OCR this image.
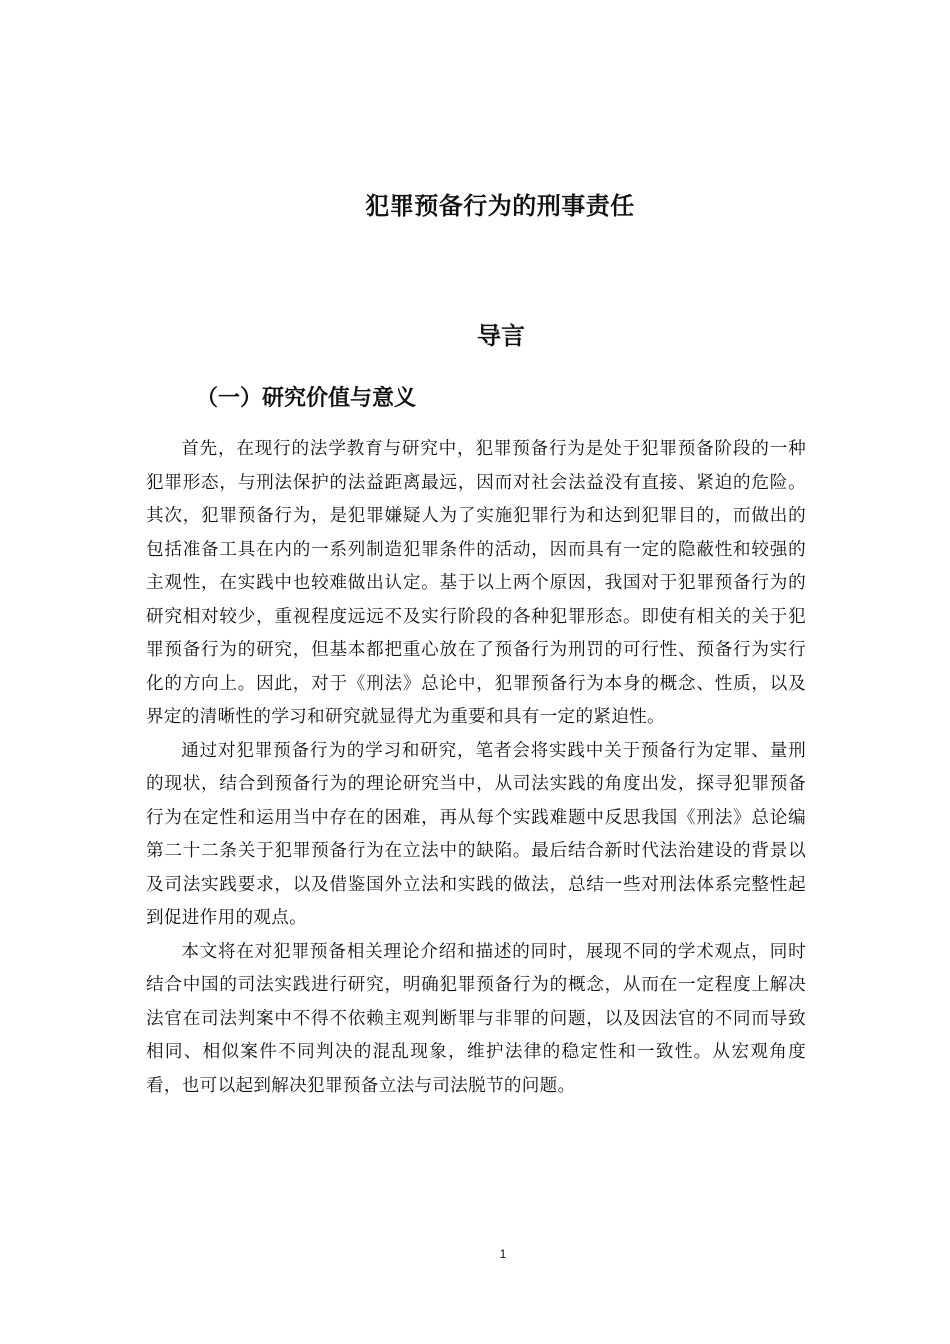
犯罪预备行为的刑事责任
导言
（一）研究价值与意义

首先，在现行的法学教育与研究中，犯罪预备行为是处于犯罪预备阶段的一种犯罪形态，与刑法保护的法益距离最远，因而对社会法益没有直接、紧迫的危险。其次，犯罪预备行为，是犯罪嫌疑人为了实施犯罪行为和达到犯罪目的，而做出的包括准备工具在内的一系列制造犯罪条件的活动，因而具有一定的隐蔽性和较强的主观性，在实践中也较难做出认定。基于以上两个原因，我国对于犯罪预备行为的研究相对较少，重视程度远远不及实行阶段的各种犯罪形态。即使有相关的关于犯罪预备行为的研究，但基本都把重心放在了预备行为刑罚的可行性、预备行为实行化的方向上。因此，对于《刑法》总论中，犯罪预备行为本身的概念、性质，以及界定的清晰性的学习和研究就显得尤为重要和具有一定的紧迫性。

通过对犯罪预备行为的学习和研究，笔者会将实践中关于预备行为定罪、量刑的现状，结合到预备行为的理论研究当中，从司法实践的角度出发，探寻犯罪预备行为在定性和运用当中存在的困难，再从每个实践难题中反思我国《刑法》总论编第二十二条关于犯罪预备行为在立法中的缺陷。最后结合新时代法治建设的背景以及司法实践要求，以及借鉴国外立法和实践的做法，总结一些对刑法体系完整性起到促进作用的观点。

本文将在对犯罪预备相关理论介绍和描述的同时，展现不同的学术观点，同时结合中国的司法实践进行研究，明确犯罪预备行为的概念，从而在一定程度上解决法官在司法判案中不得不依赖主观判断罪与非罪的问题，以及因法官的不同而导致相同、相似案件不同判决的混乱现象，维护法律的稳定性和一致性。从宏观角度看，也可以起到解决犯罪预备立法与司法脱节的问题。

1
